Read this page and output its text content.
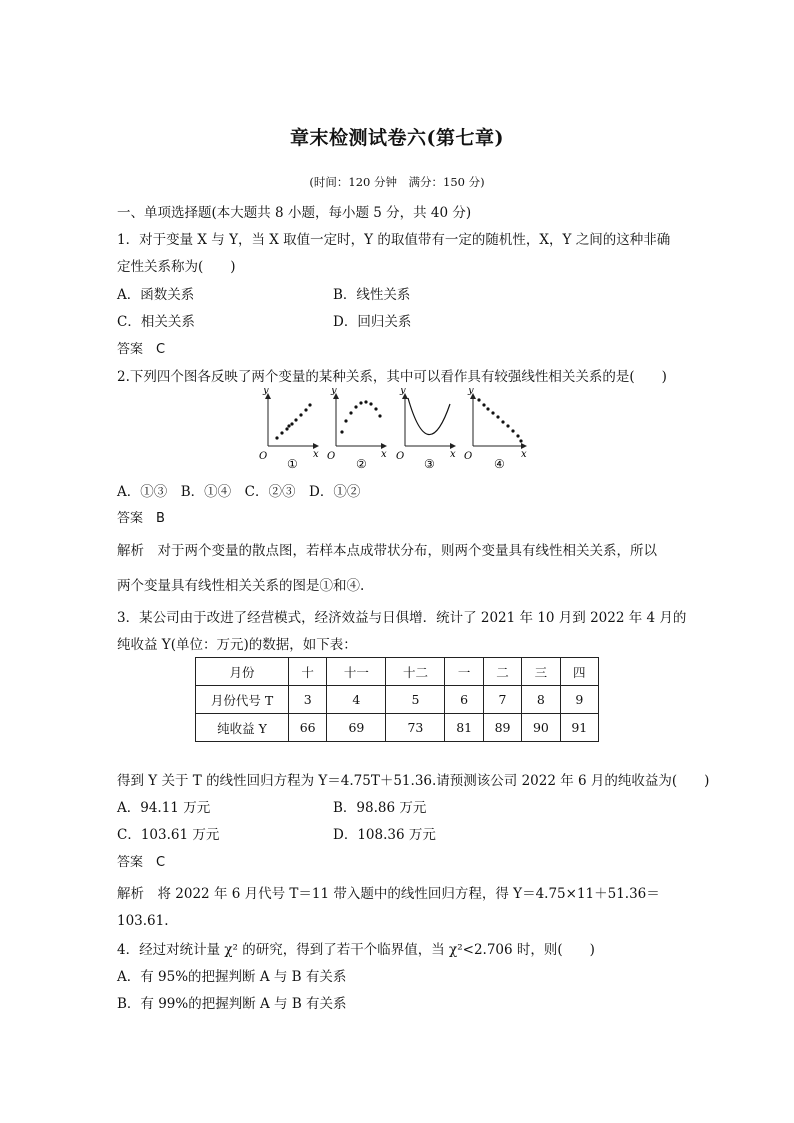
章末检测试卷六(第七章)
(时间：120 分钟　满分：150 分)
一、单项选择题(本大题共 8 小题，每小题 5 分，共 40 分)
1．对于变量 X 与 Y，当 X 取值一定时，Y 的取值带有一定的随机性，X，Y 之间的这种非确
定性关系称为(　　)
A．函数关系	B．线性关系
C．相关关系	D．回归关系
答案　C
2.下列四个图各反映了两个变量的某种关系，其中可以看作具有较强线性相关关系的是(　　)
y
x
O
①
y
x
O
②
y
x
O
③
y
x
O
④
A．①③　B．①④　C．②③　D．①②
答案　B
解析　对于两个变量的散点图，若样本点成带状分布，则两个变量具有线性相关关系，所以
两个变量具有线性相关关系的图是①和④.
3．某公司由于改进了经营模式，经济效益与日俱增．统计了 2021 年 10 月到 2022 年 4 月的
纯收益 Y(单位：万元)的数据，如下表：
月份	十	十一	十二	一	二	三	四
月份代号 T	3	4	5	6	7	8	9
纯收益 Y	66	69	73	81	89	90	91
得到 Y 关于 T 的线性回归方程为 Y＝4.75T＋51.36.请预测该公司 2022 年 6 月的纯收益为(　　)
A．94.11 万元	B．98.86 万元
C．103.61 万元	D．108.36 万元
答案　C
解析　将 2022 年 6 月代号 T＝11 带入题中的线性回归方程，得 Y＝4.75×11＋51.36＝
103.61.
4．经过对统计量 χ² 的研究，得到了若干个临界值，当 χ²<2.706 时，则(　　)
A．有 95%的把握判断 A 与 B 有关系
B．有 99%的把握判断 A 与 B 有关系
